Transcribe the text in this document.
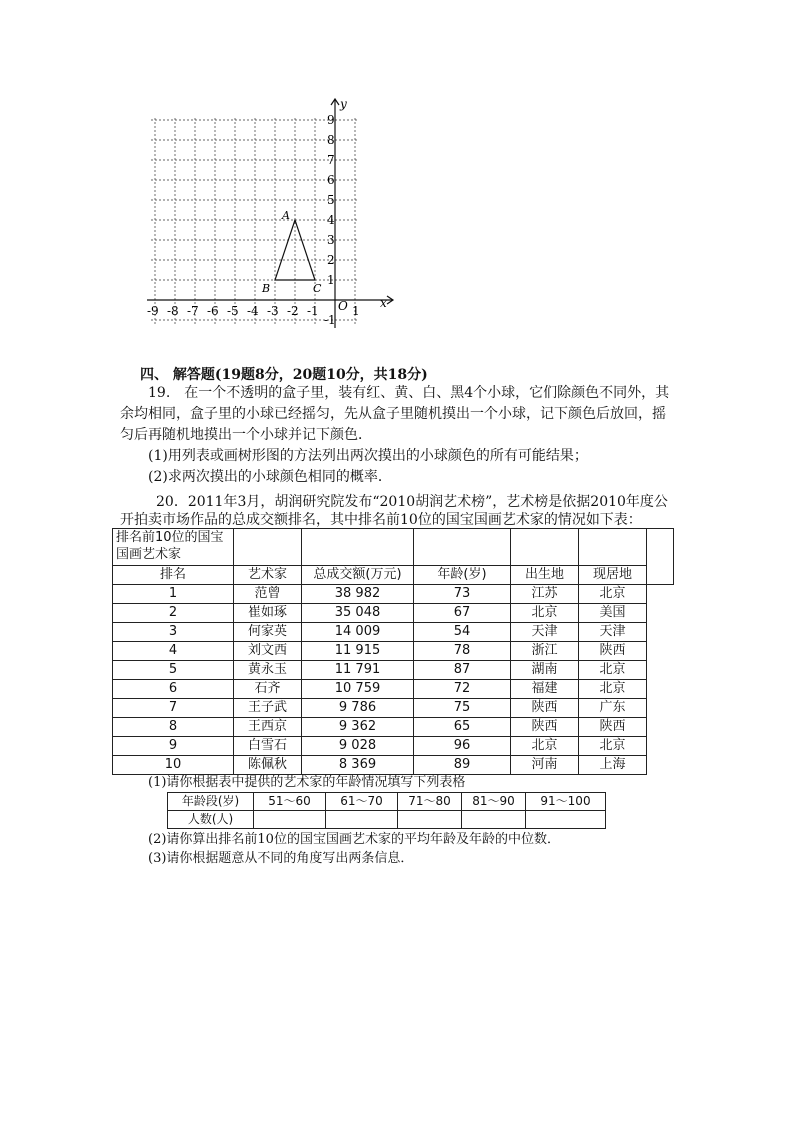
-9 -8 -7 -6 -5 -4 -3 -2 -1	1
9
8
7
6
5
4
3
2
1
-1
x
y
O
A
B	C
四、 解答题(19题8分，20题10分，共18分)
19.　在一个不透明的盒子里，装有红、黄、白、黑4个小球，它们除颜色不同外，其
余均相同，盒子里的小球已经摇匀，先从盒子里随机摸出一个小球，记下颜色后放回，摇
匀后再随机地摸出一个小球并记下颜色．
(1)用列表或画树形图的方法列出两次摸出的小球颜色的所有可能结果；
(2)求两次摸出的小球颜色相同的概率．
20．2011年3月，胡润研究院发布“2010胡润艺术榜”，艺术榜是依据2010年度公
开拍卖市场作品的总成交额排名，其中排名前10位的国宝国画艺术家的情况如下表：
排名前10位的国宝国画艺术家						
排名	艺术家	总成交额(万元)	年龄(岁)	出生地	现居地	
1	范曾	38 982	73	江苏	北京	
2	崔如琢	35 048	67	北京	美国	
3	何家英	14 009	54	天津	天津	
4	刘文西	11 915	78	浙江	陕西	
5	黄永玉	11 791	87	湖南	北京	
6	石齐	10 759	72	福建	北京	
7	王子武	9 786	75	陕西	广东	
8	王西京	9 362	65	陕西	陕西	
9	白雪石	9 028	96	北京	北京	
10	陈佩秋	8 369	89	河南	上海	
(1)请你根据表中提供的艺术家的年龄情况填写下列表格
年龄段(岁)	51～60	61～70	71～80	81～90	91～100
人数(人)					
(2)请你算出排名前10位的国宝国画艺术家的平均年龄及年龄的中位数．
(3)请你根据题意从不同的角度写出两条信息．
